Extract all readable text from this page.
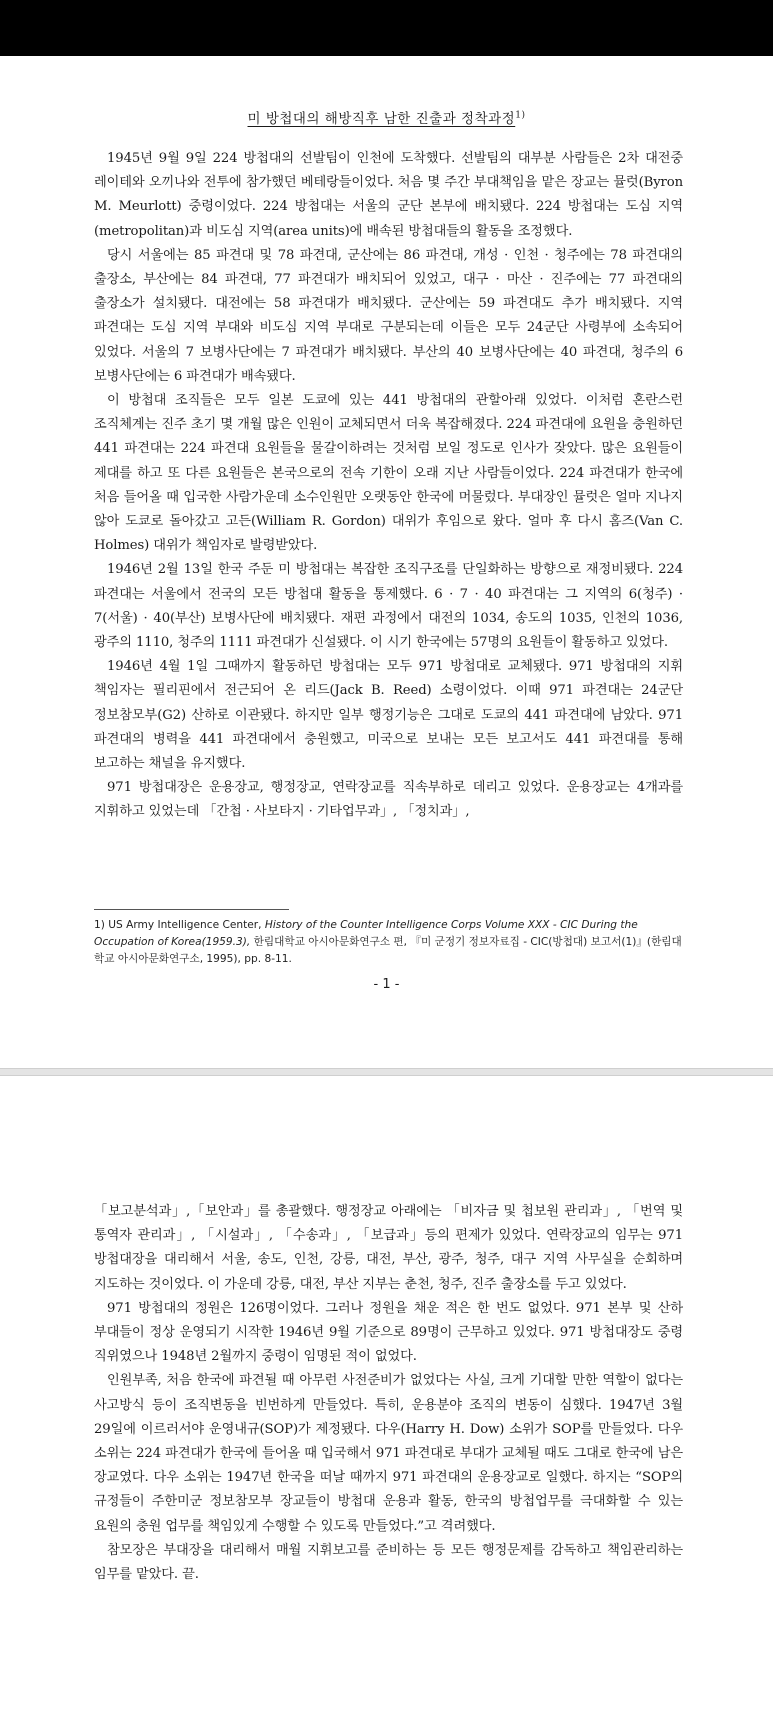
미 방첩대의 해방직후 남한 진출과 정착과정$^{1)}$

1945년 9월 9일 224 방첩대의 선발팀이 인천에 도착했다. 선발팀의 대부분 사람들은 2차 대전중 레이테와 오끼나와 전투에 참가했던 베테랑들이었다. 처음 몇 주간 부대책임을 맡은 장교는 뮬럿(Byron M. Meurlott) 중령이었다. 224 방첩대는 서울의 군단 본부에 배치됐다. 224 방첩대는 도심 지역(metropolitan)과 비도심 지역(area units)에 배속된 방첩대들의 활동을 조정했다.

당시 서울에는 85 파견대 및 78 파견대, 군산에는 86 파견대, 개성 · 인천 · 청주에는 78 파견대의 출장소, 부산에는 84 파견대, 77 파견대가 배치되어 있었고, 대구 · 마산 · 진주에는 77 파견대의 출장소가 설치됐다. 대전에는 58 파견대가 배치됐다. 군산에는 59 파견대도 추가 배치됐다. 지역 파견대는 도심 지역 부대와 비도심 지역 부대로 구분되는데 이들은 모두 24군단 사령부에 소속되어 있었다. 서울의 7 보병사단에는 7 파견대가 배치됐다. 부산의 40 보병사단에는 40 파견대, 청주의 6 보병사단에는 6 파견대가 배속됐다.

이 방첩대 조직들은 모두 일본 도쿄에 있는 441 방첩대의 관할아래 있었다. 이처럼 혼란스런 조직체계는 진주 초기 몇 개월 많은 인원이 교체되면서 더욱 복잡해졌다. 224 파견대에 요원을 충원하던 441 파견대는 224 파견대 요원들을 물갈이하려는 것처럼 보일 정도로 인사가 잦았다. 많은 요원들이 제대를 하고 또 다른 요원들은 본국으로의 전속 기한이 오래 지난 사람들이었다. 224 파견대가 한국에 처음 들어올 때 입국한 사람가운데 소수인원만 오랫동안 한국에 머물렀다. 부대장인 뮬럿은 얼마 지나지 않아 도쿄로 돌아갔고 고든(William R. Gordon) 대위가 후임으로 왔다. 얼마 후 다시 홈즈(Van C. Holmes) 대위가 책임자로 발령받았다.

1946년 2월 13일 한국 주둔 미 방첩대는 복잡한 조직구조를 단일화하는 방향으로 재정비됐다. 224 파견대는 서울에서 전국의 모든 방첩대 활동을 통제했다. 6 · 7 · 40 파견대는 그 지역의 6(청주) · 7(서울) · 40(부산) 보병사단에 배치됐다. 재편 과정에서 대전의 1034, 송도의 1035, 인천의 1036, 광주의 1110, 청주의 1111 파견대가 신설됐다. 이 시기 한국에는 57명의 요원들이 활동하고 있었다.

1946년 4월 1일 그때까지 활동하던 방첩대는 모두 971 방첩대로 교체됐다. 971 방첩대의 지휘 책임자는 필리핀에서 전근되어 온 리드(Jack B. Reed) 소령이었다. 이때 971 파견대는 24군단 정보참모부(G2) 산하로 이관됐다. 하지만 일부 행정기능은 그대로 도쿄의 441 파견대에 남았다. 971 파견대의 병력을 441 파견대에서 충원했고, 미국으로 보내는 모든 보고서도 441 파견대를 통해 보고하는 채널을 유지했다.

971 방첩대장은 운용장교, 행정장교, 연락장교를 직속부하로 데리고 있었다. 운용장교는 4개과를 지휘하고 있었는데 「간첩 · 사보타지 · 기타업무과」, 「정치과」,

1) US Army Intelligence Center, History of the Counter Intelligence Corps Volume XXX - CIC During the Occupation of Korea(1959.3), 한림대학교 아시아문화연구소 편, 『미 군정기 정보자료집 - CIC(방첩대) 보고서(1)』(한림대학교 아시아문화연구소, 1995), pp. 8-11.
- 1 -

「보고분석과」,「보안과」를 총괄했다. 행정장교 아래에는 「비자금 및 첩보원 관리과」, 「번역 및 통역자 관리과」, 「시설과」, 「수송과」, 「보급과」등의 편제가 있었다. 연락장교의 임무는 971 방첩대장을 대리해서 서울, 송도, 인천, 강릉, 대전, 부산, 광주, 청주, 대구 지역 사무실을 순회하며 지도하는 것이었다. 이 가운데 강릉, 대전, 부산 지부는 춘천, 청주, 진주 출장소를 두고 있었다.

971 방첩대의 정원은 126명이었다. 그러나 정원을 채운 적은 한 번도 없었다. 971 본부 및 산하 부대들이 정상 운영되기 시작한 1946년 9월 기준으로 89명이 근무하고 있었다. 971 방첩대장도 중령 직위였으나 1948년 2월까지 중령이 임명된 적이 없었다.

인원부족, 처음 한국에 파견될 때 아무런 사전준비가 없었다는 사실, 크게 기대할 만한 역할이 없다는 사고방식 등이 조직변동을 빈번하게 만들었다. 특히, 운용분야 조직의 변동이 심했다. 1947년 3월 29일에 이르러서야 운영내규(SOP)가 제정됐다. 다우(Harry H. Dow) 소위가 SOP를 만들었다. 다우 소위는 224 파견대가 한국에 들어올 때 입국해서 971 파견대로 부대가 교체될 때도 그대로 한국에 남은 장교였다. 다우 소위는 1947년 한국을 떠날 때까지 971 파견대의 운용장교로 일했다. 하지는 “SOP의 규정들이 주한미군 정보참모부 장교들이 방첩대 운용과 활동, 한국의 방첩업무를 극대화할 수 있는 요원의 충원 업무를 책임있게 수행할 수 있도록 만들었다.”고 격려했다.

참모장은 부대장을 대리해서 매월 지휘보고를 준비하는 등 모든 행정문제를 감독하고 책임관리하는 임무를 맡았다. 끝.
